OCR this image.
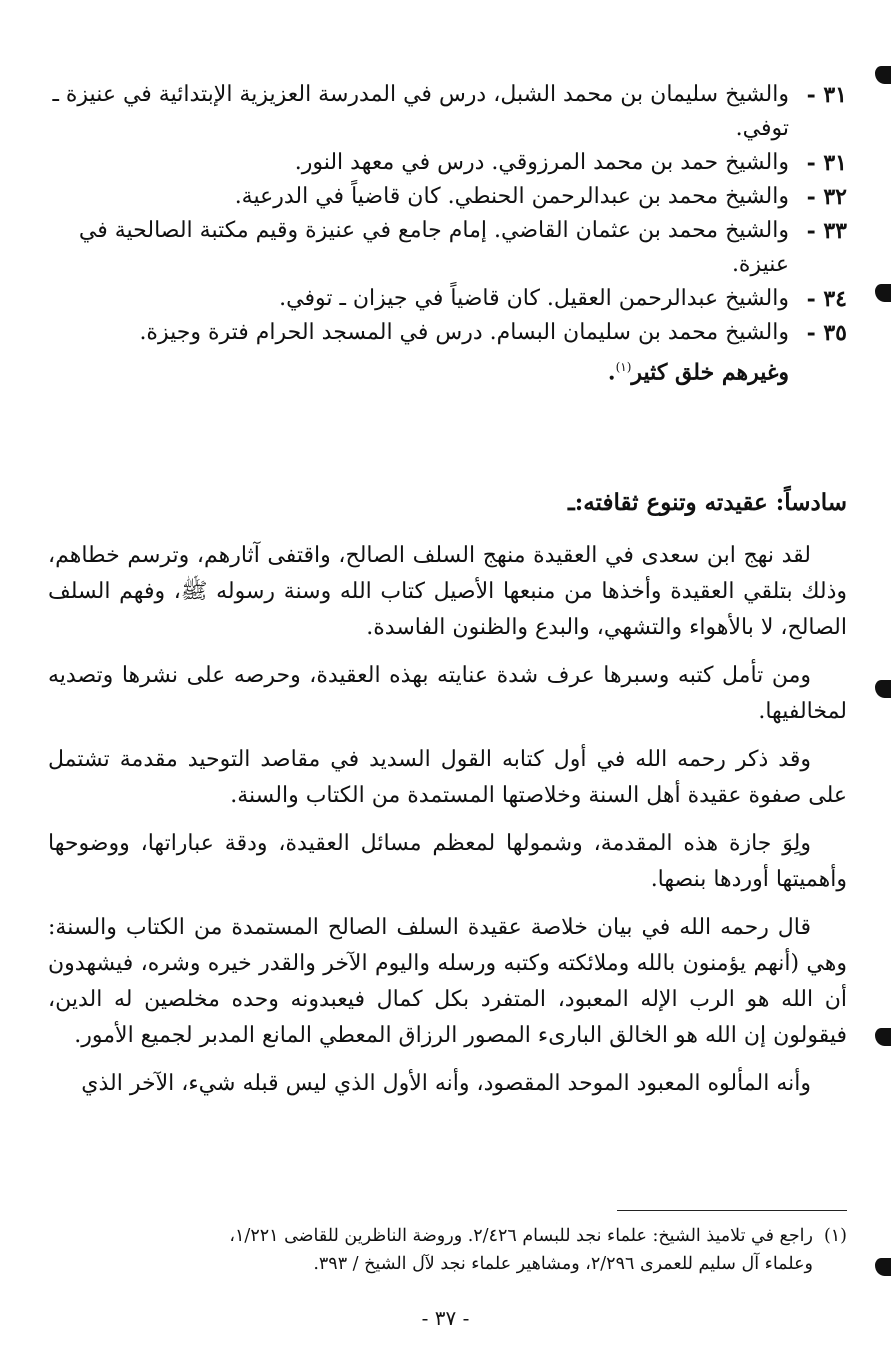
٣١ -
والشيخ سليمان بن محمد الشبل، درس في المدرسة العزيزية الإبتدائية في عنيزة ـ توفي.
٣١ -
والشيخ حمد بن محمد المرزوقي. درس في معهد النور.
٣٢ -
والشيخ محمد بن عبدالرحمن الحنطي. كان قاضياً في الدرعية.
٣٣ -
والشيخ محمد بن عثمان القاضي. إمام جامع في عنيزة وقيم مكتبة الصالحية في عنيزة.
٣٤ -
والشيخ عبدالرحمن العقيل. كان قاضياً في جيزان ـ توفي.
٣٥ -
والشيخ محمد بن سليمان البسام. درس في المسجد الحرام فترة وجيزة.
وغيرهم خلق كثير$^{(١)}$.
سادساً: عقيدته وتنوع ثقافته:ـ

لقد نهج ابن سعدى في العقيدة منهج السلف الصالح، واقتفى آثارهم، وترسم خطاهم، وذلك بتلقي العقيدة وأخذها من منبعها الأصيل كتاب الله وسنة رسوله ﷺ، وفهم السلف الصالح، لا بالأهواء والتشهي، والبدع والظنون الفاسدة.

ومن تأمل كتبه وسبرها عرف شدة عنايته بهذه العقيدة، وحرصه على نشرها وتصديه لمخالفيها.

وقد ذكر رحمه الله في أول كتابه القول السديد في مقاصد التوحيد مقدمة تشتمل على صفوة عقيدة أهل السنة وخلاصتها المستمدة من الكتاب والسنة.

ولِوَ جازة هذه المقدمة، وشمولها لمعظم مسائل العقيدة، ودقة عباراتها، ووضوحها وأهميتها أوردها بنصها.

قال رحمه الله في بيان خلاصة عقيدة السلف الصالح المستمدة من الكتاب والسنة: وهي (أنهم يؤمنون بالله وملائكته وكتبه ورسله واليوم الآخر والقدر خيره وشره، فيشهدون أن الله هو الرب الإله المعبود، المتفرد بكل كمال فيعبدونه وحده مخلصين له الدين، فيقولون إن الله هو الخالق البارىء المصور الرزاق المعطي المانع المدبر لجميع الأمور.

وأنه المألوه المعبود الموحد المقصود، وأنه الأول الذي ليس قبله شيء، الآخر الذي

(١)راجع في تلاميذ الشيخ: علماء نجد للبسام ٢/٤٢٦. وروضة الناظرين للقاضى ١/٢٢١،
وعلماء آل سليم للعمرى ٢/٢٩٦، ومشاهير علماء نجد لآل الشيخ / ٣٩٣.
- ٣٧ -
